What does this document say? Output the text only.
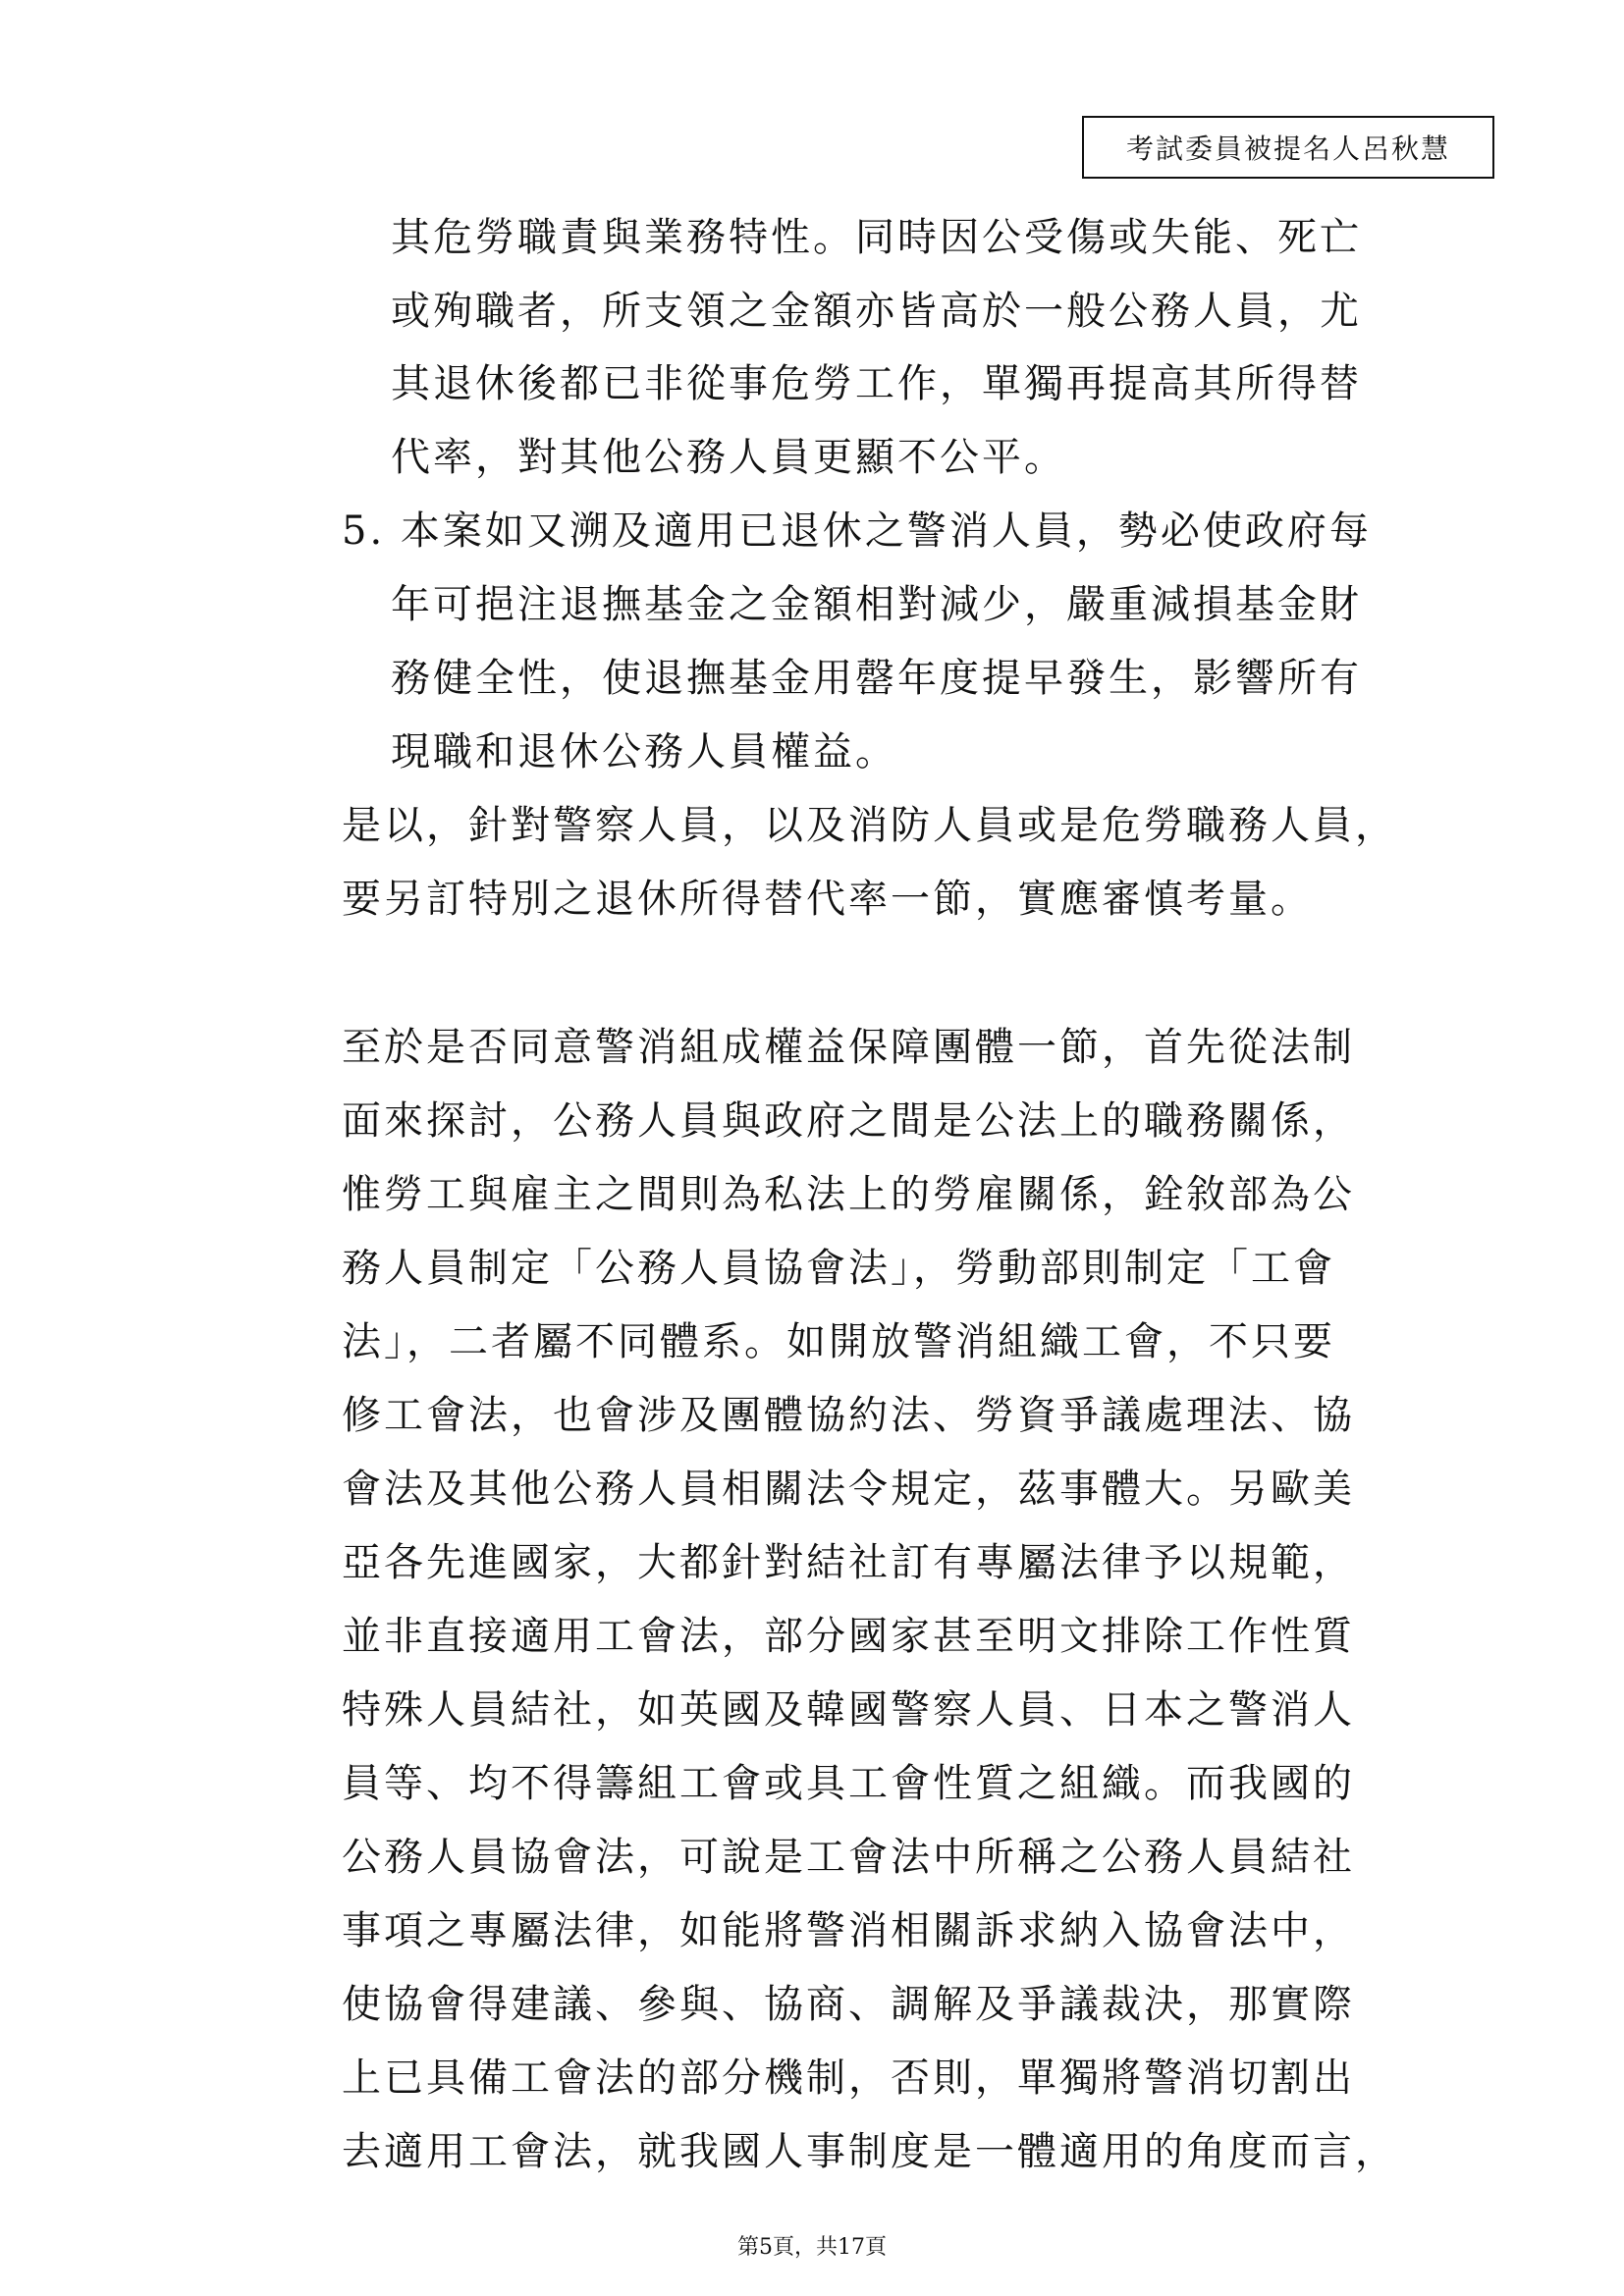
考試委員被提名人呂秋慧
其危勞職責與業務特性。同時因公受傷或失能、死亡
或殉職者，所支領之金額亦皆高於一般公務人員，尤
其退休後都已非從事危勞工作，單獨再提高其所得替
代率，對其他公務人員更顯不公平。
5. 本案如又溯及適用已退休之警消人員，勢必使政府每
年可挹注退撫基金之金額相對減少，嚴重減損基金財
務健全性，使退撫基金用罄年度提早發生，影響所有
現職和退休公務人員權益。
是以，針對警察人員，以及消防人員或是危勞職務人員，
要另訂特別之退休所得替代率一節，實應審慎考量。
至於是否同意警消組成權益保障團體一節，首先從法制
面來探討，公務人員與政府之間是公法上的職務關係，
惟勞工與雇主之間則為私法上的勞雇關係，銓敘部為公
務人員制定「公務人員協會法」，勞動部則制定「工會
法」，二者屬不同體系。如開放警消組織工會，不只要
修工會法，也會涉及團體協約法、勞資爭議處理法、協
會法及其他公務人員相關法令規定，茲事體大。另歐美
亞各先進國家，大都針對結社訂有專屬法律予以規範，
並非直接適用工會法，部分國家甚至明文排除工作性質
特殊人員結社，如英國及韓國警察人員、日本之警消人
員等、均不得籌組工會或具工會性質之組織。而我國的
公務人員協會法，可說是工會法中所稱之公務人員結社
事項之專屬法律，如能將警消相關訴求納入協會法中，
使協會得建議、參與、協商、調解及爭議裁決，那實際
上已具備工會法的部分機制，否則，單獨將警消切割出
去適用工會法，就我國人事制度是一體適用的角度而言，
第5頁，共17頁
